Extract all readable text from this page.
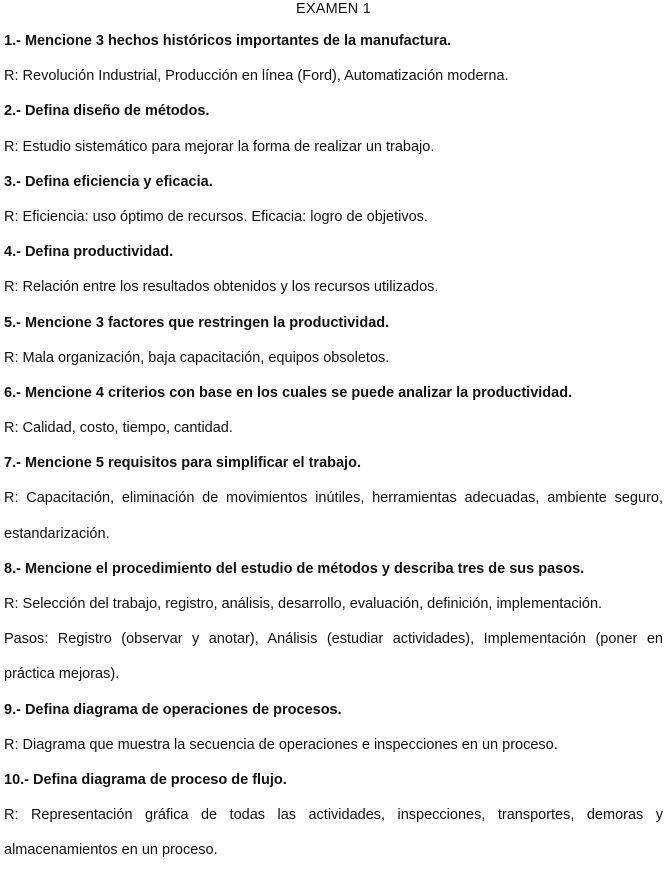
EXAMEN 1

1.- Mencione 3 hechos históricos importantes de la manufactura.

R: Revolución Industrial, Producción en línea (Ford), Automatización moderna.

2.- Defina diseño de métodos.

R: Estudio sistemático para mejorar la forma de realizar un trabajo.

3.- Defina eficiencia y eficacia.

R: Eficiencia: uso óptimo de recursos. Eficacia: logro de objetivos.

4.- Defina productividad.

R: Relación entre los resultados obtenidos y los recursos utilizados.

5.- Mencione 3 factores que restringen la productividad.

R: Mala organización, baja capacitación, equipos obsoletos.

6.- Mencione 4 criterios con base en los cuales se puede analizar la productividad.

R: Calidad, costo, tiempo, cantidad.

7.- Mencione 5 requisitos para simplificar el trabajo.

R: Capacitación, eliminación de movimientos inútiles, herramientas adecuadas, ambiente seguro, estandarización.

8.- Mencione el procedimiento del estudio de métodos y describa tres de sus pasos.

R: Selección del trabajo, registro, análisis, desarrollo, evaluación, definición, implementación.

Pasos: Registro (observar y anotar), Análisis (estudiar actividades), Implementación (poner en práctica mejoras).

9.- Defina diagrama de operaciones de procesos.

R: Diagrama que muestra la secuencia de operaciones e inspecciones en un proceso.

10.- Defina diagrama de proceso de flujo.

R: Representación gráfica de todas las actividades, inspecciones, transportes, demoras y almacenamientos en un proceso.
